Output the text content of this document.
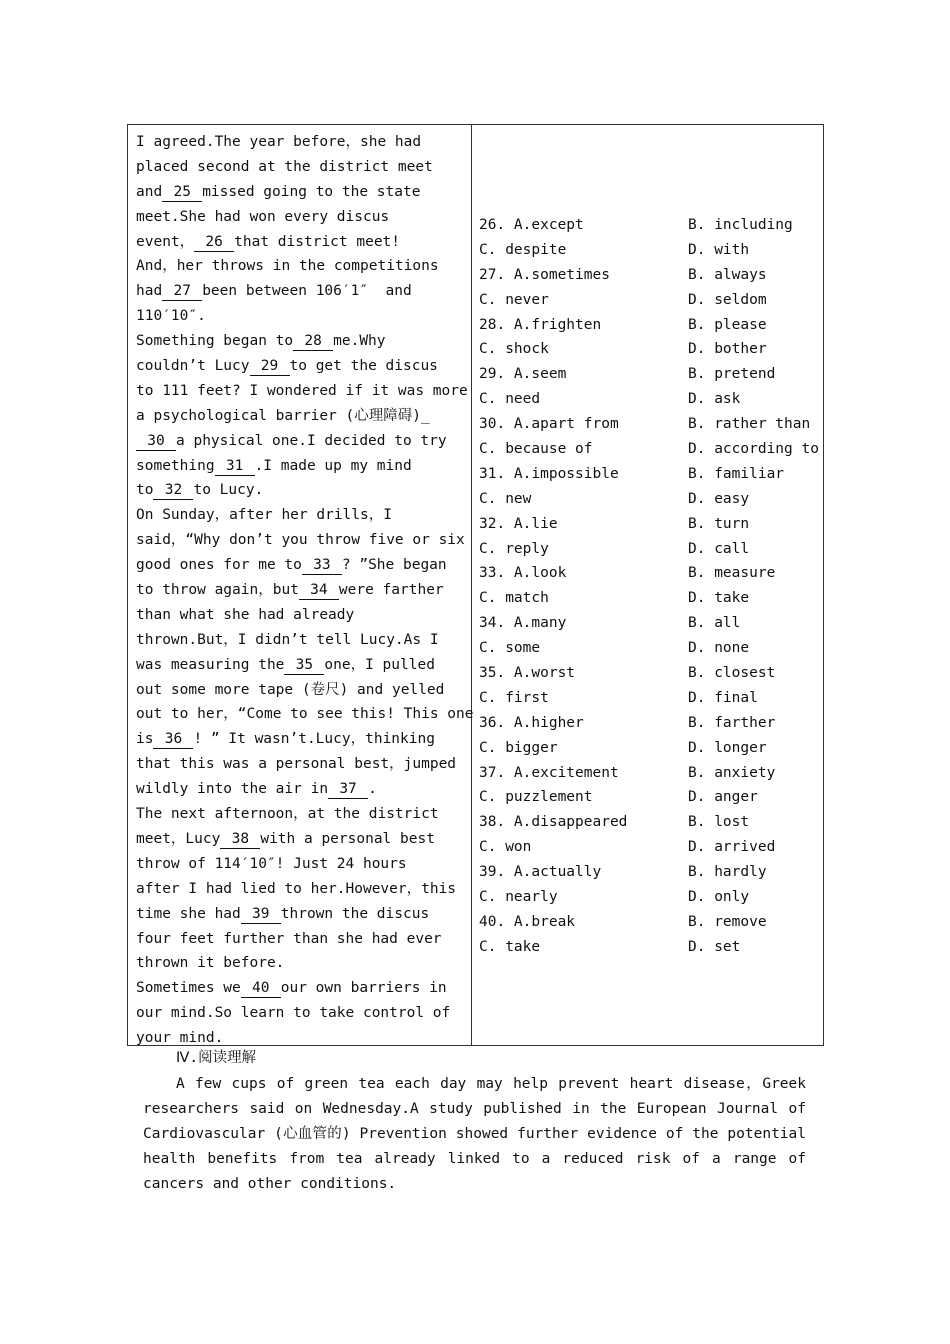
I agreed.The year before，she had
placed second at the district meet
and 25 missed going to the state
meet.She had won every discus
event， 26 that district meet!
And，her throws in the competitions
had 27 been between 106′1″  and
110′10″.
Something began to 28 me.Why
couldn’t Lucy 29 to get the discus
to 111 feet? I wondered if it was more
a psychological barrier (心理障碍)_
30 a physical one.I decided to try
something 31 .I made up my mind
to 32 to Lucy.
On Sunday，after her drills，I
said，“Why don’t you throw five or six
good ones for me to 33 ? ”She began
to throw again，but 34 were farther
than what she had already
thrown.But，I didn’t tell Lucy.As I
was measuring the 35 one，I pulled
out some more tape (卷尺) and yelled
out to her，“Come to see this! This one
is 36 ! ” It wasn’t.Lucy，thinking
that this was a personal best，jumped
wildly into the air in 37 .
The next afternoon，at the district
meet，Lucy 38 with a personal best
throw of 114′10″! Just 24 hours
after I had lied to her.However，this
time she had 39 thrown the discus
four feet further than she had ever
thrown it before.
Sometimes we 40 our own barriers in
our mind.So learn to take control of
your mind.
26. A.except	B. including
C. despite	D. with
27. A.sometimes	B. always
C. never	D. seldom
28. A.frighten	B. please
C. shock	D. bother
29. A.seem	B. pretend
C. need	D. ask
30. A.apart from	B. rather than
C. because of	D. according to
31. A.impossible	B. familiar
C. new	D. easy
32. A.lie	B. turn
C. reply	D. call
33. A.look	B. measure
C. match	D. take
34. A.many	B. all
C. some	D. none
35. A.worst	B. closest
C. first	D. final
36. A.higher	B. farther
C. bigger	D. longer
37. A.excitement	B. anxiety
C. puzzlement	D. anger
38. A.disappeared	B. lost
C. won	D. arrived
39. A.actually	B. hardly
C. nearly	D. only
40. A.break	B. remove
C. take	D. set
Ⅳ.阅读理解
A few cups of green tea each day may help prevent heart disease，Greek researchers said on Wednesday.A study published in the European Journal of Cardiovascular (心血管的) Prevention showed further evidence of the potential health benefits from tea already linked to a reduced risk of a range of cancers and other conditions.
